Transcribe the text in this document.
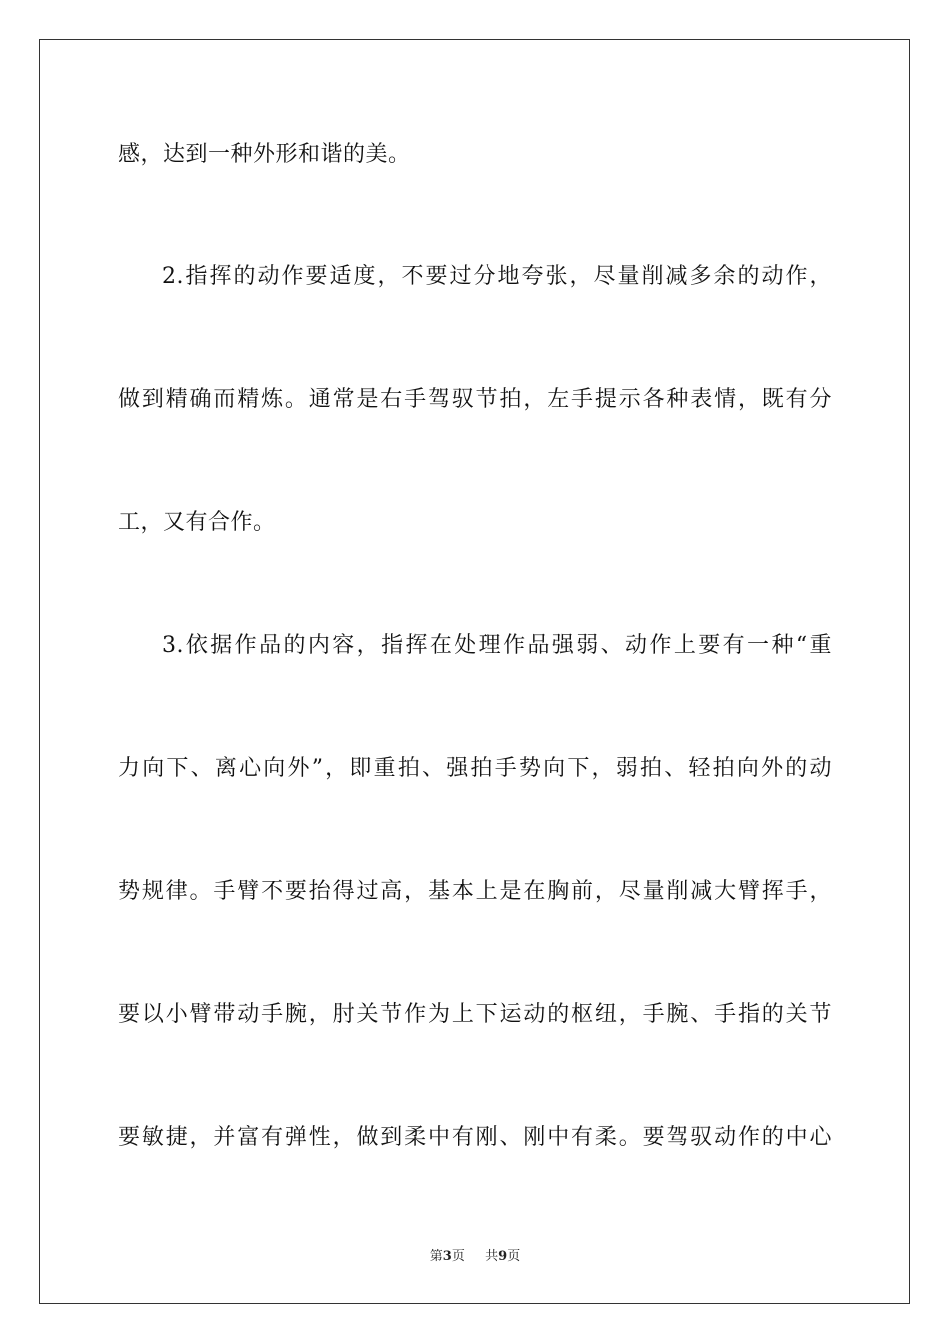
感，达到一种外形和谐的美。
2.指挥的动作要适度，不要过分地夸张，尽量削减多余的动作，
做到精确而精炼。通常是右手驾驭节拍，左手提示各种表情，既有分
工，又有合作。
3.依据作品的内容，指挥在处理作品强弱、动作上要有一种“重
力向下、离心向外”，即重拍、强拍手势向下，弱拍、轻拍向外的动
势规律。手臂不要抬得过高，基本上是在胸前，尽量削减大臂挥手，
要以小臂带动手腕，肘关节作为上下运动的枢纽，手腕、手指的关节
要敏捷，并富有弹性，做到柔中有刚、刚中有柔。要驾驭动作的中心
第3页 共9页
